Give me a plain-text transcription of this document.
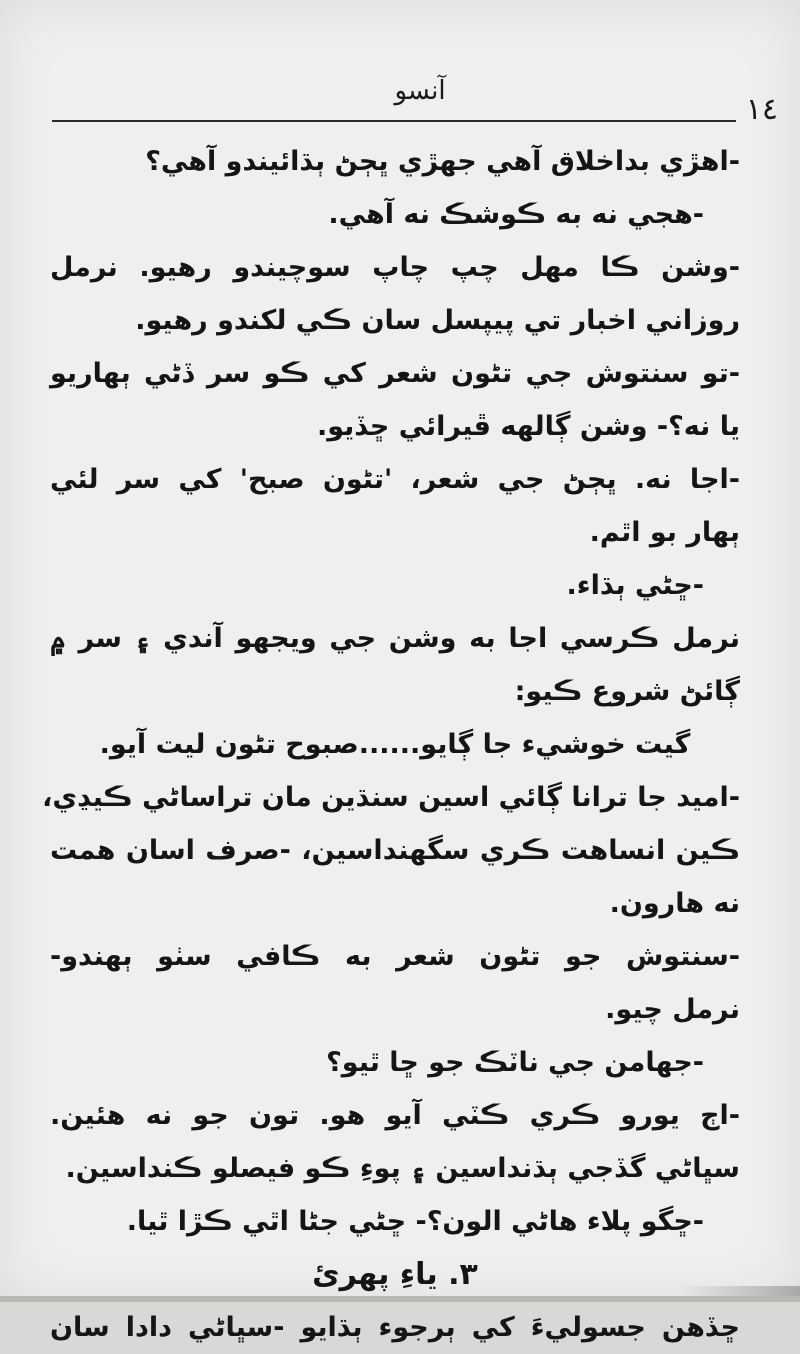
آنسو
١٤
-اهڙي بداخلاق آهي جهڙي ڀڄڻ ٻڌائيندو آهي؟
-هجي نه به ڪوشڪ نه آهي.
-وشن ڪا مهل چپ چاپ سوچيندو رهيو. نرمل
روزاني اخبار تي پيپسل سان ڪي لکندو رهيو.
-تو سنتوش جي تڻون شعر کي ڪو سر ڏڻي ٻهاريو
يا نه؟- وشن ڳالهه ڦيرائي ڇڏيو.
-اجا نه. ڀڄڻ جي شعر، 'تڻون صبح' کي سر لئي
ٻهار بو اٿم.
-ڇڻي ٻڌاء.
نرمل ڪرسي اجا به وشن جي ويجهو آندي ۽ سر ۾
ڳائڻ شروع ڪيو:
گيت خوشيء جا ڳايو......صبوح تڻون ليت آيو.
-اميد جا ترانا ڳائي اسين سنڌين مان تراساڻي ڪيڍي،
ڪين انساهت ڪري سگهنداسين، -صرف اسان همت
نه هارون.
-سنتوش جو تڻون شعر به ڪافي سٺو ٻهندو-
نرمل چيو.
-جهامن جي ناٽڪ جو ڇا ٿيو؟
-اڄ يورو ڪري ڪٽي آيو هو. تون جو نه هئين.
سڀاڻي گڏجي ٻڌنداسين ۽ پوءِ ڪو فيصلو ڪنداسين.
-ڇگو پلاء هاڻي الون؟- ڇڻي جڻا اٿي ڪڙا ٿيا.
٣. ياءِ پهرئ
ڇڏهن جسوليءَ کي ٻرجوء ٻڌايو -سڀاڻي دادا سان
